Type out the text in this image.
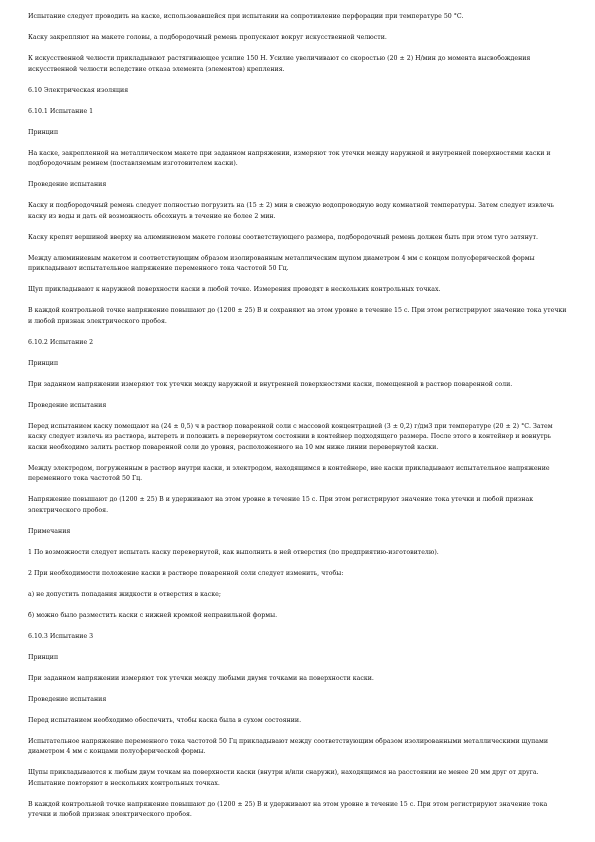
Испытание следует проводить на каске, использовавшейся при испытании на сопротивление перфорации при температуре 50 °С.

Каску закрепляют на макете головы, а подбородочный ремень пропускают вокруг искусственной челюсти.

К искусственной челюсти прикладывают растягивающее усилие 150 Н. Усилие увеличивают со скоростью (20 ± 2) Н/мин до момента высвобождения искусственной челюсти вследствие отказа элемента (элементов) крепления.

6.10 Электрическая изоляция

6.10.1 Испытание 1

Принцип

На каске, закрепленной на металлическом макете при заданном напряжении, измеряют ток утечки между наружной и внутренней поверхностями каски и подбородочным ремнем (поставляемым изготовителем каски).

Проведение испытания

Каску и подбородочный ремень следует полностью погрузить на (15 ± 2) мин в свежую водопроводную воду комнатной температуры. Затем следует извлечь каску из воды и дать ей возможность обсохнуть в течение не более 2 мин.

Каску крепят вершиной вверху на алюминиевом макете головы соответствующего размера, подбородочный ремень должен быть при этом туго затянут.

Между алюминиевым макетом и соответствующим образом изолированным металлическим щупом диаметром 4 мм с концом полусферической формы прикладывают испытательное напряжение переменного тока частотой 50 Гц.

Щуп прикладывают к наружной поверхности каски в любой точке. Измерения проводят в нескольких контрольных точках.

В каждой контрольной точке напряжение повышают до (1200 ± 25) В и сохраняют на этом уровне в течение 15 с. При этом регистрируют значение тока утечки и любой признак электрического пробоя.

6.10.2 Испытание 2

Принцип

При заданном напряжении измеряют ток утечки между наружной и внутренней поверхностями каски, помещенной в раствор поваренной соли.

Проведение испытания

Перед испытанием каску помещают на (24 ± 0,5) ч в раствор поваренной соли с массовой концентрацией (3 ± 0,2) г/дм3 при температуре (20 ± 2) °С. Затем каску следует извлечь из раствора, вытереть и положить в перевернутом состоянии в контейнер подходящего размера. После этого в контейнер и вовнутрь каски необходимо залить раствор поваренной соли до уровня, расположенного на 10 мм ниже линии перевернутой каски.

Между электродом, погруженным в раствор внутри каски, и электродом, находящимся в контейнере, вне каски прикладывают испытательное напряжение переменного тока частотой 50 Гц.

Напряжение повышают до (1200 ± 25) В и удерживают на этом уровне в течение 15 с. При этом регистрируют значение тока утечки и любой признак электрического пробоя.

Примечания

1 По возможности следует испытать каску перевернутой, как выполнить в ней отверстия (по предприятию-изготовителю).

2 При необходимости положение каски в растворе поваренной соли следует изменить, чтобы:

а) не допустить попадания жидкости в отверстия в каске;

б) можно было разместить каски с нижней кромкой неправильной формы.

6.10.3 Испытание 3

Принцип

При заданном напряжении измеряют ток утечки между любыми двумя точками на поверхности каски.

Проведение испытания

Перед испытанием необходимо обеспечить, чтобы каска была в сухом состоянии.

Испытательное напряжение переменного тока частотой 50 Гц прикладывают между соответствующим образом изолированными металлическими щупами диаметром 4 мм с концами полусферической формы.

Щупы прикладываются к любым двум точкам на поверхности каски (внутри и/или снаружи), находящимся на расстоянии не менее 20 мм друг от друга. Испытание повторяют в нескольких контрольных точках.

В каждой контрольной точке напряжение повышают до (1200 ± 25) В и удерживают на этом уровне в течение 15 с. При этом регистрируют значение тока утечки и любой признак электрического пробоя.
